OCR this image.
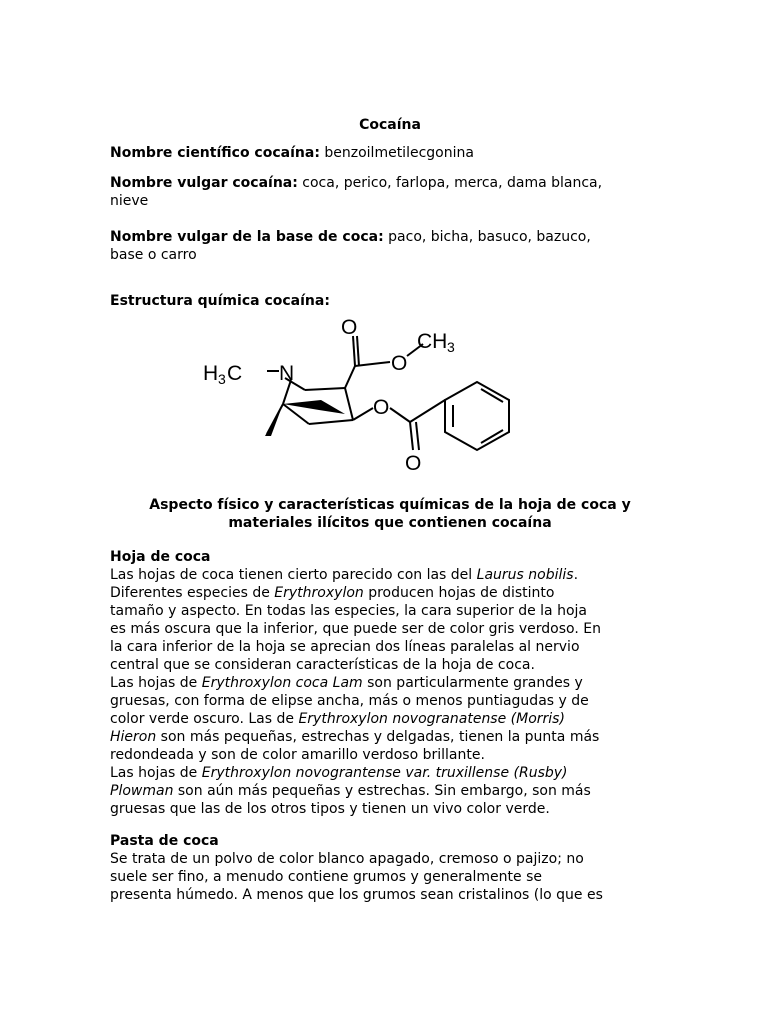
Cocaína

Nombre científico cocaína: benzoilmetilecgonina

Nombre vulgar cocaína: coca, perico, farlopa, merca, dama blanca,
nieve
Nombre vulgar de la base de coca: paco, bicha, basuco, bazuco,
base o carro

Estructura química cocaína:

O
CH 3
O
H 3 C N
O
O
Aspecto físico y características químicas de la hoja de coca y
materiales ilícitos que contienen cocaína
Hoja de coca
Las hojas de coca tienen cierto parecido con las del Laurus nobilis.
Diferentes especies de Erythroxylon producen hojas de distinto
tamaño y aspecto. En todas las especies, la cara superior de la hoja
es más oscura que la inferior, que puede ser de color gris verdoso. En
la cara inferior de la hoja se aprecian dos líneas paralelas al nervio
central que se consideran características de la hoja de coca.
Las hojas de Erythroxylon coca Lam son particularmente grandes y
gruesas, con forma de elipse ancha, más o menos puntiagudas y de
color verde oscuro. Las de Erythroxylon novogranatense (Morris)
Hieron son más pequeñas, estrechas y delgadas, tienen la punta más
redondeada y son de color amarillo verdoso brillante.
Las hojas de Erythroxylon novograntense var. truxillense (Rusby)
Plowman son aún más pequeñas y estrechas. Sin embargo, son más
gruesas que las de los otros tipos y tienen un vivo color verde.
Pasta de coca
Se trata de un polvo de color blanco apagado, cremoso o pajizo; no
suele ser fino, a menudo contiene grumos y generalmente se
presenta húmedo. A menos que los grumos sean cristalinos (lo que es
